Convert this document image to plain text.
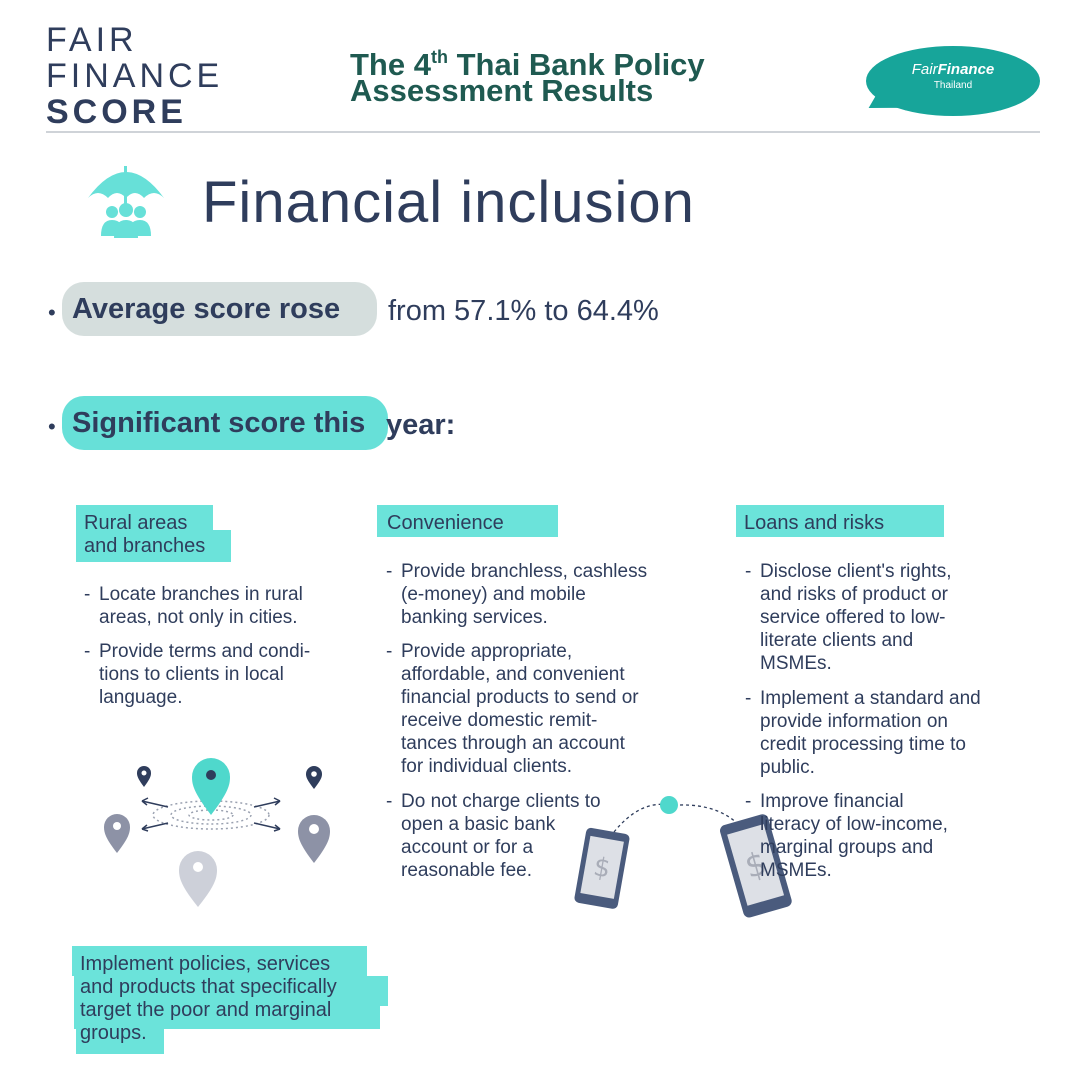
FAIR
FINANCE
SCORE
The 4th Thai Bank Policy
Assessment Results
FairFinance
Thailand
Financial inclusion
• Average score rose	from 57.1% to 64.4%
• Significant score this year:
Rural areas
and branches
- Locate branches in rural areas, not only in cities.
- Provide terms and condi-tions to clients in local language.
Convenience
- Provide branchless, cashless (e-money) and mobile banking services.
- Provide appropriate, affordable, and convenient financial products to send or receive domestic remit-tances through an account for individual clients.
- Do not charge clients to open a basic bank account or for a reasonable fee.	$	$
Loans and risks
- Disclose client's rights, and risks of product or service offered to low-literate clients and MSMEs.
- Implement a standard and provide information on credit processing time to public.
- Improve financial literacy of low-income, marginal groups and MSMEs.
Implement policies, services
and products that specifically
target the poor and marginal
groups.
